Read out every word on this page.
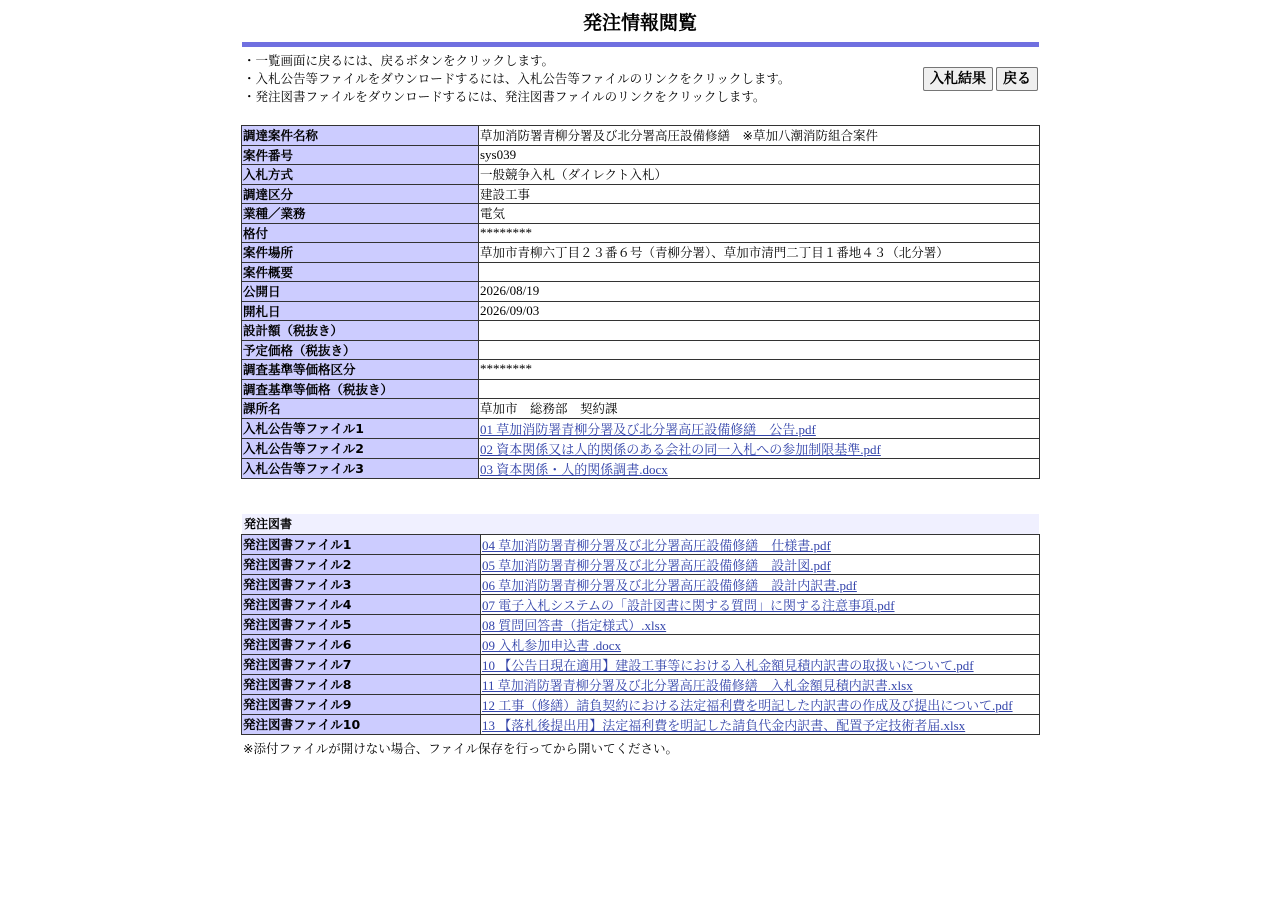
発注情報閲覧
・一覧画面に戻るには、戻るボタンをクリックします。
・入札公告等ファイルをダウンロードするには、入札公告等ファイルのリンクをクリックします。
・発注図書ファイルをダウンロードするには、発注図書ファイルのリンクをクリックします。
入札結果	戻る
調達案件名称	草加消防署青柳分署及び北分署高圧設備修繕　※草加八潮消防組合案件
案件番号	sys039
入札方式	一般競争入札（ダイレクト入札）
調達区分	建設工事
業種／業務	電気
格付	********
案件場所	草加市青柳六丁目２３番６号（青柳分署）、草加市清門二丁目１番地４３（北分署）
案件概要	
公開日	2026/08/19
開札日	2026/09/03
設計額（税抜き）	
予定価格（税抜き）	
調査基準等価格区分	********
調査基準等価格（税抜き）	
課所名	草加市　総務部　契約課
入札公告等ファイル1	01 草加消防署青柳分署及び北分署高圧設備修繕　公告.pdf
入札公告等ファイル2	02 資本関係又は人的関係のある会社の同一入札への参加制限基準.pdf
入札公告等ファイル3	03 資本関係・人的関係調書.docx
発注図書
発注図書ファイル1	04 草加消防署青柳分署及び北分署高圧設備修繕　仕様書.pdf
発注図書ファイル2	05 草加消防署青柳分署及び北分署高圧設備修繕　設計図.pdf
発注図書ファイル3	06 草加消防署青柳分署及び北分署高圧設備修繕　設計内訳書.pdf
発注図書ファイル4	07 電子入札システムの「設計図書に関する質問」に関する注意事項.pdf
発注図書ファイル5	08 質問回答書（指定様式）.xlsx
発注図書ファイル6	09 入札参加申込書 .docx
発注図書ファイル7	10 【公告日現在適用】建設工事等における入札金額見積内訳書の取扱いについて.pdf
発注図書ファイル8	11 草加消防署青柳分署及び北分署高圧設備修繕　入札金額見積内訳書.xlsx
発注図書ファイル9	12 工事（修繕）請負契約における法定福利費を明記した内訳書の作成及び提出について.pdf
発注図書ファイル10	13 【落札後提出用】法定福利費を明記した請負代金内訳書、配置予定技術者届.xlsx
※添付ファイルが開けない場合、ファイル保存を行ってから開いてください。
